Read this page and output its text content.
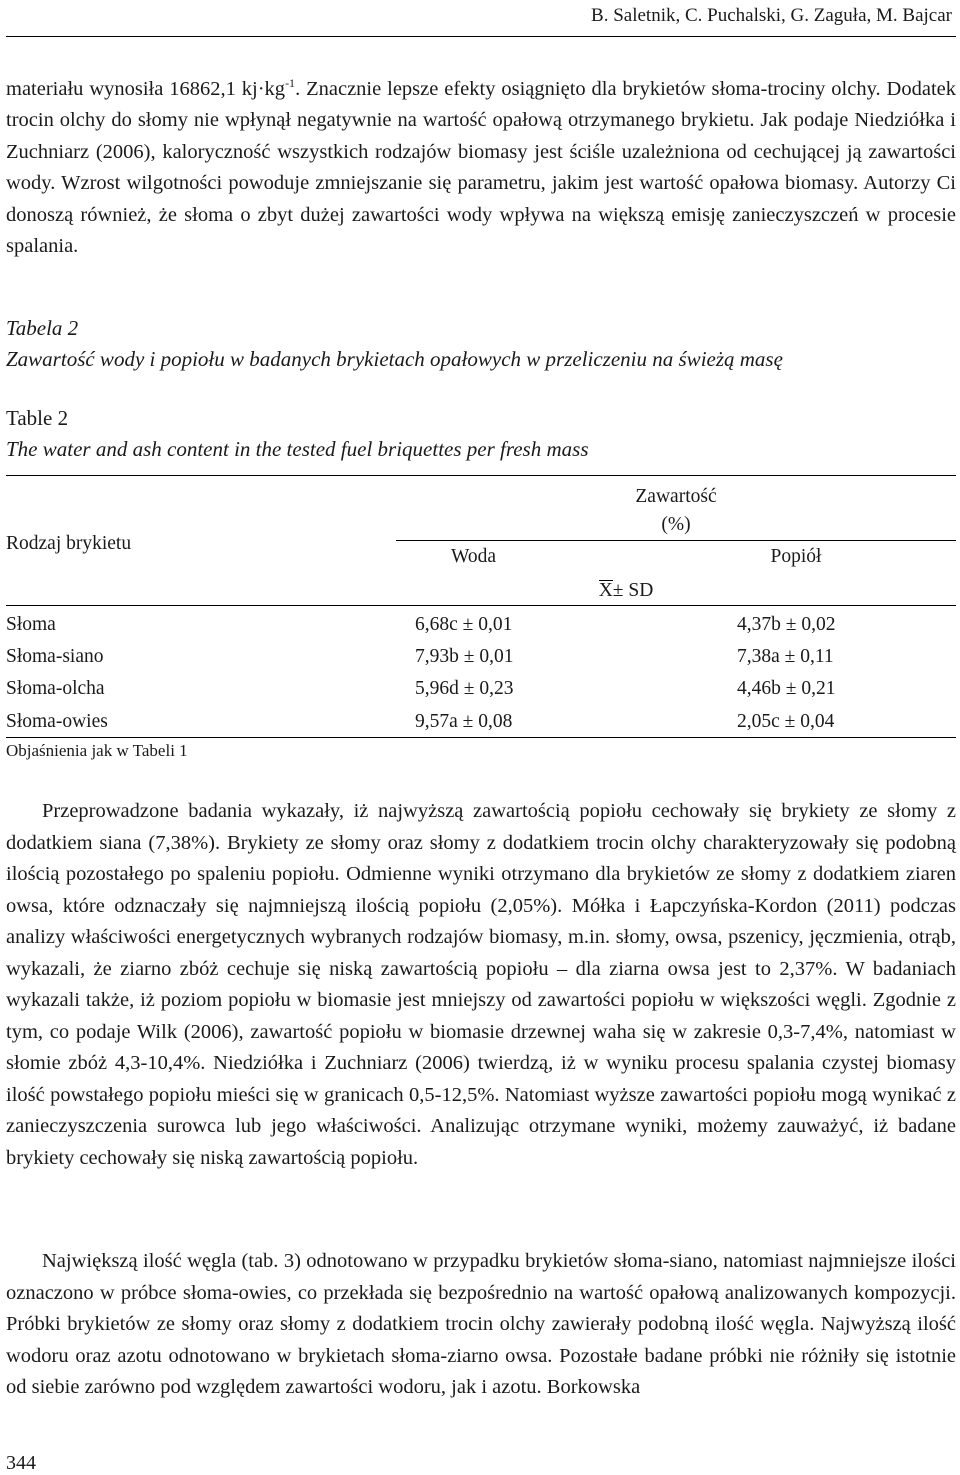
B. Saletnik, C. Puchalski, G. Zaguła, M. Bajcar

materiału wynosiła 16862,1 $kj\cdot kg^{-1}$. Znacznie lepsze efekty osiągnięto dla brykietów słoma-trociny olchy. Dodatek trocin olchy do słomy nie wpłynął negatywnie na wartość opałową otrzymanego brykietu. Jak podaje Niedziółka i Zuchniarz (2006), kaloryczność wszystkich rodzajów biomasy jest ściśle uzależniona od cechującej ją zawartości wody. Wzrost wilgotności powoduje zmniejszanie się parametru, jakim jest wartość opałowa biomasy. Autorzy Ci donoszą również, że słoma o zbyt dużej zawartości wody wpływa na większą emisję zanieczyszczeń w procesie spalania.

Tabela 2

Zawartość wody i popiołu w badanych brykietach opałowych w przeliczeniu na świeżą masę

Table 2

The water and ash content in the tested fuel briquettes per fresh mass

Rodzaj brykietu
Zawartość
(%)
Woda	Popiół
X± SD
Słoma	6,68c ± 0,01	4,37b ± 0,02
Słoma-siano	7,93b ± 0,01	7,38a ± 0,11
Słoma-olcha	5,96d ± 0,23	4,46b ± 0,21
Słoma-owies	9,57a ± 0,08	2,05c ± 0,04
Objaśnienia jak w Tabeli 1

Przeprowadzone badania wykazały, iż najwyższą zawartością popiołu cechowały się brykiety ze słomy z dodatkiem siana (7,38%). Brykiety ze słomy oraz słomy z dodatkiem trocin olchy charakteryzowały się podobną ilością pozostałego po spaleniu popiołu. Odmienne wyniki otrzymano dla brykietów ze słomy z dodatkiem ziaren owsa, które odznaczały się najmniejszą ilością popiołu (2,05%). Mółka i Łapczyńska-Kordon (2011) podczas analizy właściwości energetycznych wybranych rodzajów biomasy, m.in. słomy, owsa, pszenicy, jęczmienia, otrąb, wykazali, że ziarno zbóż cechuje się niską zawartością popiołu – dla ziarna owsa jest to 2,37%. W badaniach wykazali także, iż poziom popiołu w biomasie jest mniejszy od zawartości popiołu w większości węgli. Zgodnie z tym, co podaje Wilk (2006), zawartość popiołu w biomasie drzewnej waha się w zakresie 0,3-7,4%, natomiast w słomie zbóż 4,3-10,4%. Niedziółka i Zuchniarz (2006) twierdzą, iż w wyniku procesu spalania czystej biomasy ilość powstałego popiołu mieści się w granicach 0,5-12,5%. Natomiast wyższe zawartości popiołu mogą wynikać z zanieczyszczenia surowca lub jego właściwości. Analizując otrzymane wyniki, możemy zauważyć, iż badane brykiety cechowały się niską zawartością popiołu.

Największą ilość węgla (tab. 3) odnotowano w przypadku brykietów słoma-siano, natomiast najmniejsze ilości oznaczono w próbce słoma-owies, co przekłada się bezpośrednio na wartość opałową analizowanych kompozycji. Próbki brykietów ze słomy oraz słomy z dodatkiem trocin olchy zawierały podobną ilość węgla. Najwyższą ilość wodoru oraz azotu odnotowano w brykietach słoma-ziarno owsa. Pozostałe badane próbki nie różniły się istotnie od siebie zarówno pod względem zawartości wodoru, jak i azotu. Borkowska

344
